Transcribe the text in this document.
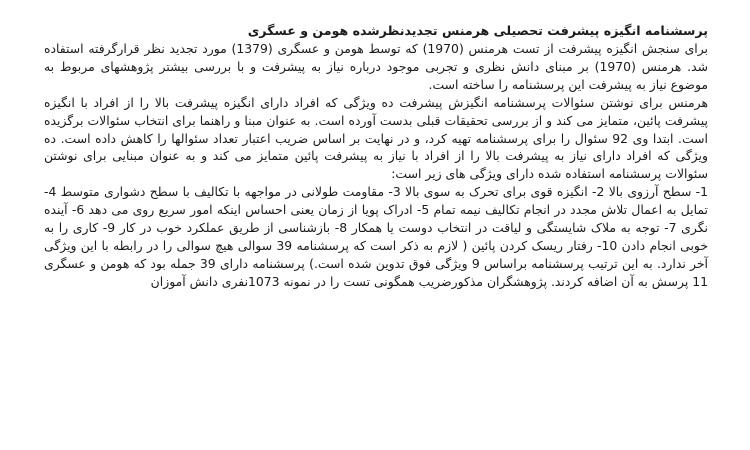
پرسشنامه انگیزه پیشرفت تحصیلی هرمنس تجدیدنظرشده هومن و عسگری

برای سنجش انگیزه پیشرفت از تست هرمنس (1970) که توسط هومن و عسگری (1379) مورد تجدید نظر قرارگرفته استفاده شد. هرمنس (1970) بر مبنای دانش نظری و تجربی موجود درباره نیاز به پیشرفت و با بررسی بیشتر پژوهشهای مربوط به موضوع نیاز به پیشرفت این پرسشنامه را ساخته است.

هرمنس برای نوشتن سئوالات پرسشنامه انگیزش پیشرفت ده ویژگی که افراد دارای انگیزه پیشرفت بالا را از افراد با انگیزه پیشرفت پائین، متمایز می کند و از بررسی تحقیقات قبلی بدست آورده است. به عنوان مبنا و راهنما برای انتخاب سئوالات برگزیده است. ابتدا وی 92 سئوال را برای پرسشنامه تهیه کرد، و در نهایت بر اساس ضریب اعتبار تعداد سئوالها را کاهش داده است. ده ویژگی که افراد دارای نیاز به پیشرفت بالا را از افراد با نیاز به پیشرفت پائین متمایز می کند و به عنوان مبنایی برای نوشتن سئوالات پرسشنامه استفاده شده دارای ویژگی های زیر است:

1- سطح آرزوی بالا 2- انگیزه قوی برای تحرک به سوی بالا 3- مقاومت طولانی در مواجهه با تکالیف با سطح دشواری متوسط 4- تمایل به اعمال تلاش مجدد در انجام تکالیف نیمه تمام 5- ادراک پویا از زمان یعنی احساس اینکه امور سریع روی می دهد 6- آینده نگری 7- توجه به ملاک شایستگی و لیاقت در انتخاب دوست یا همکار 8- بازشناسی از طریق عملکرد خوب در کار 9- کاری را به خوبی انجام دادن 10- رفتار ریسک کردن پائین ( لازم به ذکر است که پرسشنامه 39 سوالی هیچ سوالی را در رابطه با این ویژگی آخر ندارد. به این ترتیب پرسشنامه براساس 9 ویژگی فوق تدوین شده است.) پرسشنامه دارای 39 جمله بود که هومن و عسگری 11 پرسش به آن اضافه کردند. پژوهشگران مذکورضریب همگونی تست را در نمونه 1073نفری دانش آموزان
